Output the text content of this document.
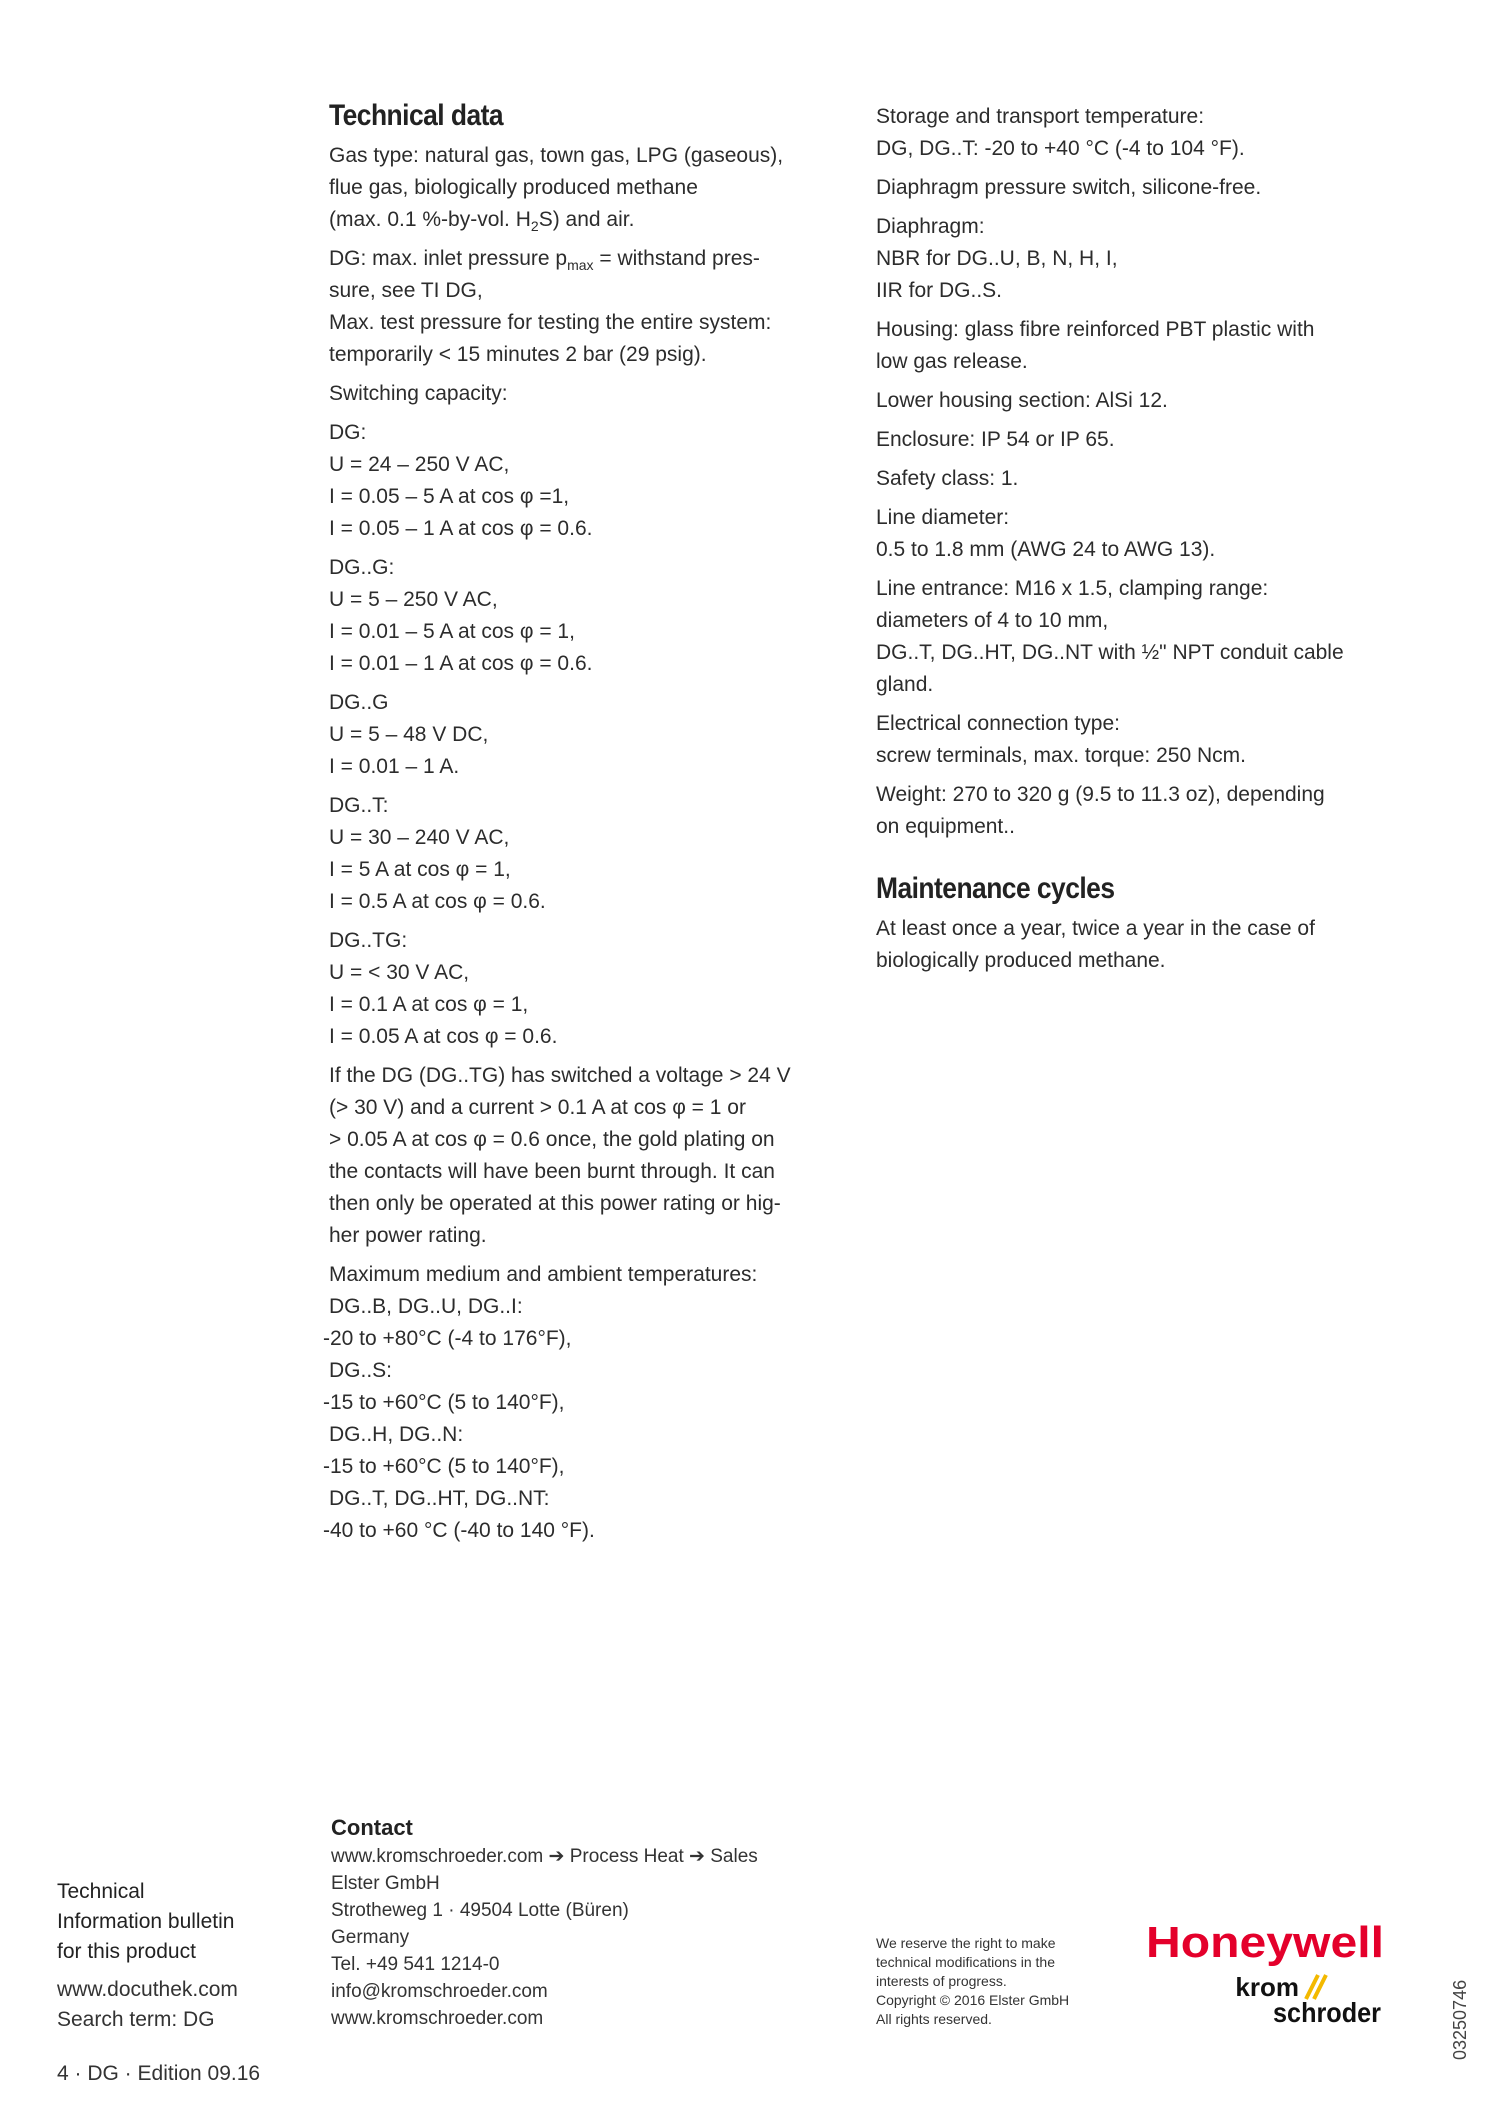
Technical data
Gas type: natural gas, town gas, LPG (gaseous),
flue gas, biologically produced methane
(max. 0.1 %-by-vol. $H_2S$) and air.
DG: max. inlet pressure $p_{max}$ = withstand pres-
sure, see TI DG,
Max. test pressure for testing the entire system:
temporarily < 15 minutes 2 bar (29 psig).
Switching capacity:
DG:
U = 24 – 250 V AC,
I = 0.05 – 5 A at cos φ =1,
I = 0.05 – 1 A at cos φ = 0.6.
DG..G:
U = 5 – 250 V AC,
I = 0.01 – 5 A at cos φ = 1,
I = 0.01 – 1 A at cos φ = 0.6.
DG..G
U = 5 – 48 V DC,
I = 0.01 – 1 A.
DG..T:
U = 30 – 240 V AC,
I = 5 A at cos φ = 1,
I = 0.5 A at cos φ = 0.6.
DG..TG:
U = < 30 V AC,
I = 0.1 A at cos φ = 1,
I = 0.05 A at cos φ = 0.6.
If the DG (DG..TG) has switched a voltage > 24 V
(> 30 V) and a current > 0.1 A at cos φ = 1 or
> 0.05 A at cos φ = 0.6 once, the gold plating on
the contacts will have been burnt through. It can
then only be operated at this power rating or hig-
her power rating.
Maximum medium and ambient temperatures:
DG..B, DG..U, DG..I:
-20 to +80°C (-4 to 176°F),
DG..S:
-15 to +60°C (5 to 140°F),
DG..H, DG..N:
-15 to +60°C (5 to 140°F),
DG..T, DG..HT, DG..NT:
-40 to +60 °C (-40 to 140 °F).
Storage and transport temperature:
DG, DG..T: -20 to +40 °C (-4 to 104 °F).
Diaphragm pressure switch, silicone-free.
Diaphragm:
NBR for DG..U, B, N, H, I,
IIR for DG..S.
Housing: glass fibre reinforced PBT plastic with
low gas release.
Lower housing section: AlSi 12.
Enclosure: IP 54 or IP 65.
Safety class: 1.
Line diameter:
0.5 to 1.8 mm (AWG 24 to AWG 13).
Line entrance: M16 x 1.5, clamping range:
diameters of 4 to 10 mm,
DG..T, DG..HT, DG..NT with ½" NPT conduit cable
gland.
Electrical connection type:
screw terminals, max. torque: 250 Ncm.
Weight: 270 to 320 g (9.5 to 11.3 oz), depending
on equipment..
Maintenance cycles
At least once a year, twice a year in the case of
biologically produced methane.
Technical
Information bulletin
for this product
www.docuthek.com
Search term: DG
4 · DG · Edition 09.16
Contact
www.kromschroeder.com ➔ Process Heat ➔ Sales
Elster GmbH
Strotheweg 1 · 49504 Lotte (Büren)
Germany
Tel. +49 541 1214-0
info@kromschroeder.com
www.kromschroeder.com
We reserve the right to make
technical modifications in the
interests of progress.
Copyright © 2016 Elster GmbH
All rights reserved.
Honeywell
krom
schroder	03250746
